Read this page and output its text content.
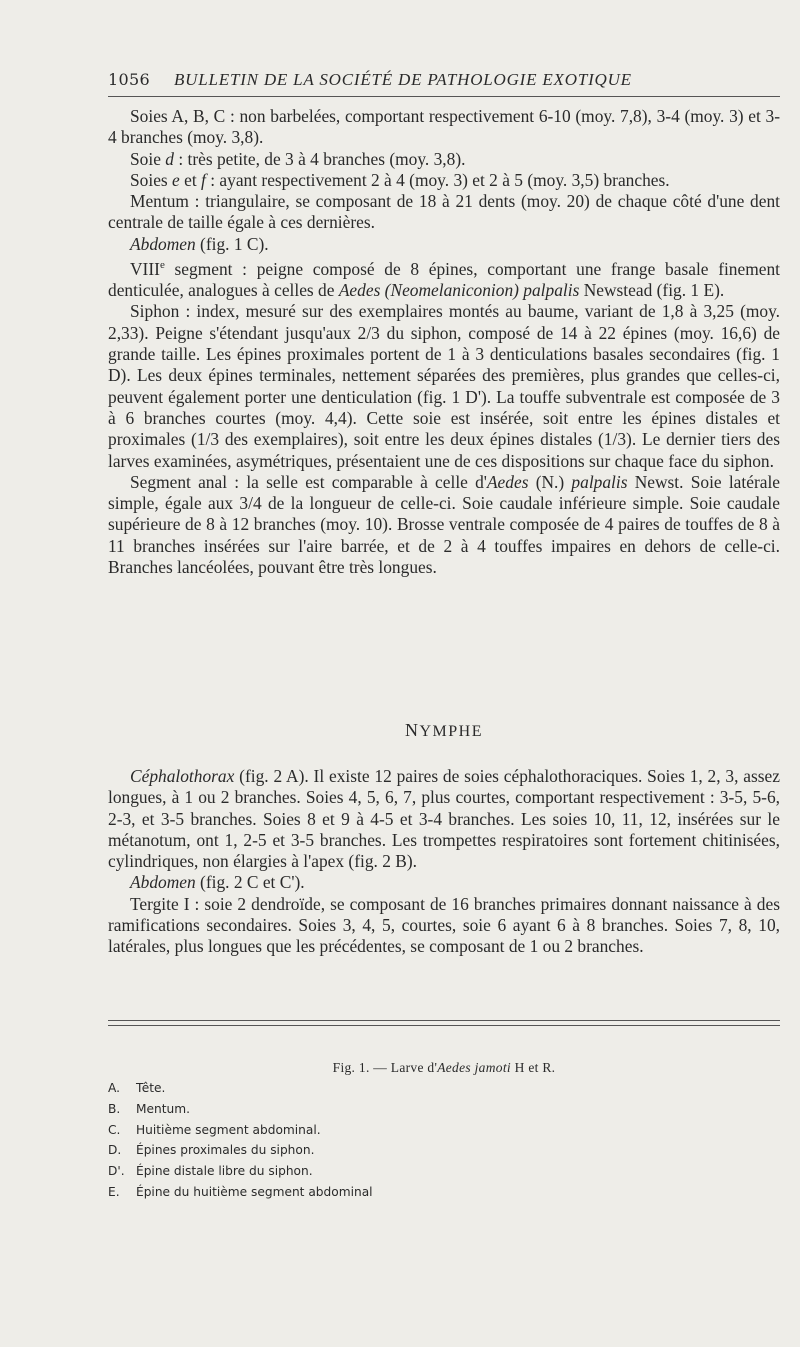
1056 BULLETIN DE LA SOCIÉTÉ DE PATHOLOGIE EXOTIQUE

Soies A, B, C : non barbelées, comportant respectivement 6-10 (moy. 7,8), 3-4 (moy. 3) et 3-4 branches (moy. 3,8).

Soie d : très petite, de 3 à 4 branches (moy. 3,8).

Soies e et f : ayant respectivement 2 à 4 (moy. 3) et 2 à 5 (moy. 3,5) branches.

Mentum : triangulaire, se composant de 18 à 21 dents (moy. 20) de chaque côté d'une dent centrale de taille égale à ces dernières.

Abdomen (fig. 1 C).

VIIIe segment : peigne composé de 8 épines, comportant une frange basale finement denticulée, analogues à celles de Aedes (Neomelaniconion) palpalis Newstead (fig. 1 E).

Siphon : index, mesuré sur des exemplaires montés au baume, variant de 1,8 à 3,25 (moy. 2,33). Peigne s'étendant jusqu'aux 2/3 du siphon, composé de 14 à 22 épines (moy. 16,6) de grande taille. Les épines proximales portent de 1 à 3 denticulations basales secondaires (fig. 1 D). Les deux épines terminales, nettement séparées des premières, plus grandes que celles-ci, peuvent également porter une denticulation (fig. 1 D'). La touffe subventrale est composée de 3 à 6 branches courtes (moy. 4,4). Cette soie est insérée, soit entre les épines distales et proximales (1/3 des exemplaires), soit entre les deux épines distales (1/3). Le dernier tiers des larves examinées, asymétriques, présentaient une de ces dispositions sur chaque face du siphon.

Segment anal : la selle est comparable à celle d'Aedes (N.) palpalis Newst. Soie latérale simple, égale aux 3/4 de la longueur de celle-ci. Soie caudale inférieure simple. Soie caudale supérieure de 8 à 12 branches (moy. 10). Brosse ventrale composée de 4 paires de touffes de 8 à 11 branches insérées sur l'aire barrée, et de 2 à 4 touffes impaires en dehors de celle-ci. Branches lancéolées, pouvant être très longues.

NYMPHE

Céphalothorax (fig. 2 A). Il existe 12 paires de soies céphalothoraciques. Soies 1, 2, 3, assez longues, à 1 ou 2 branches. Soies 4, 5, 6, 7, plus courtes, comportant respectivement : 3-5, 5-6, 2-3, et 3-5 branches. Soies 8 et 9 à 4-5 et 3-4 branches. Les soies 10, 11, 12, insérées sur le métanotum, ont 1, 2-5 et 3-5 branches. Les trompettes respiratoires sont fortement chitinisées, cylindriques, non élargies à l'apex (fig. 2 B).

Abdomen (fig. 2 C et C').

Tergite I : soie 2 dendroïde, se composant de 16 branches primaires donnant naissance à des ramifications secondaires. Soies 3, 4, 5, courtes, soie 6 ayant 6 à 8 branches. Soies 7, 8, 10, latérales, plus longues que les précédentes, se composant de 1 ou 2 branches.

Fig. 1. — Larve d'Aedes jamoti H et R.
A.	Tête.
B.	Mentum.
C.	Huitième segment abdominal.
D.	Épines proximales du siphon.
D'. Épine distale libre du siphon.
E.	Épine du huitième segment abdominal
